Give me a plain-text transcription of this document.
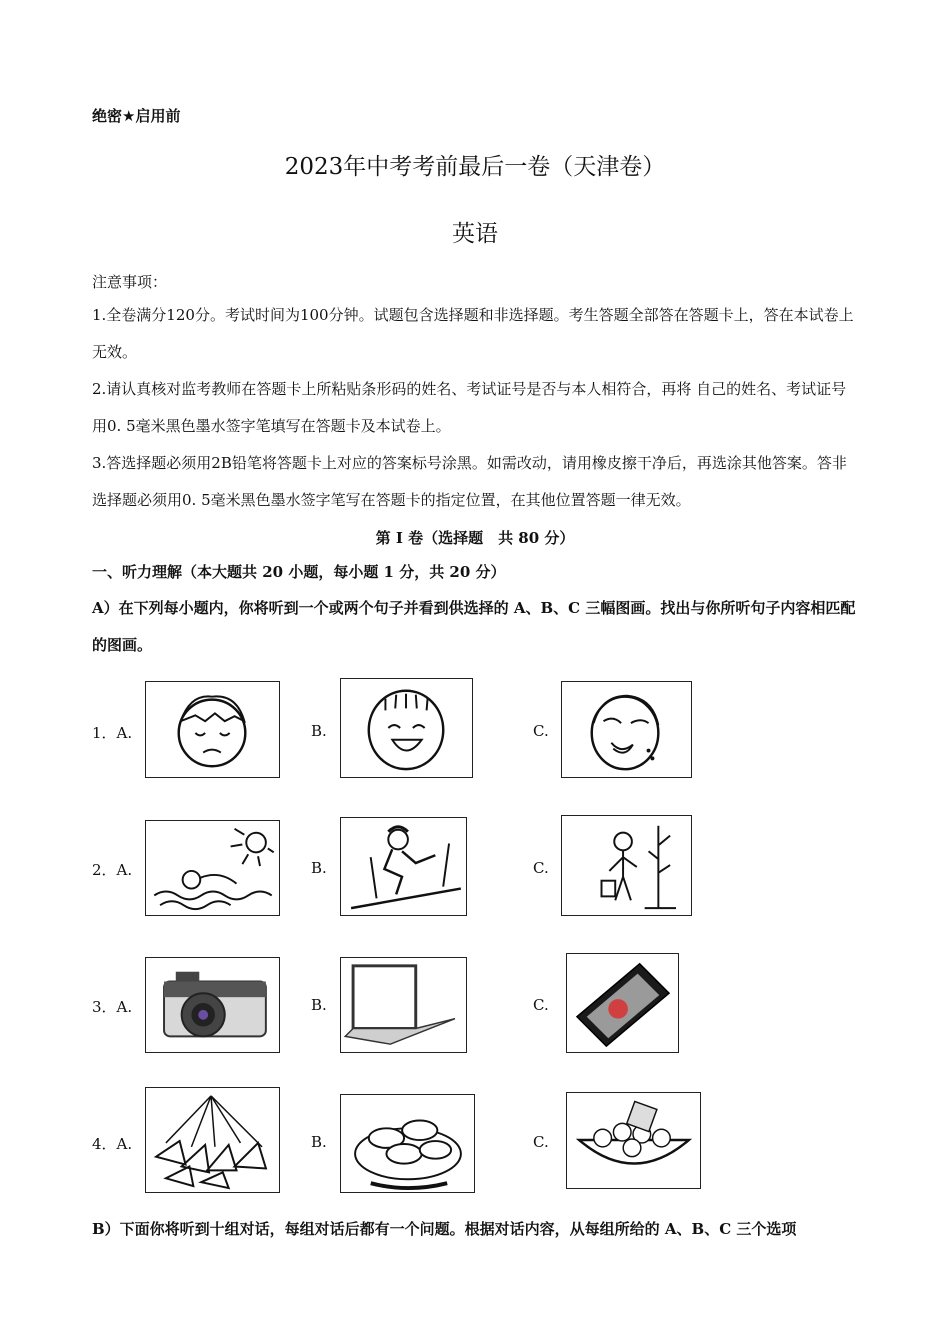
绝密★启用前
2023年中考考前最后一卷（天津卷）
英语
注意事项：
1.全卷满分120分。考试时间为100分钟。试题包含选择题和非选择题。考生答题全部答在答题卡上，答在本试卷上无效。
2.请认真核对监考教师在答题卡上所粘贴条形码的姓名、考试证号是否与本人相符合，再将 自己的姓名、考试证号用0. 5毫米黑色墨水签字笔填写在答题卡及本试卷上。
3.答选择题必须用2B铅笔将答题卡上对应的答案标号涂黑。如需改动，请用橡皮擦干净后，再选涂其他答案。答非选择题必须用0. 5毫米黑色墨水签字笔写在答题卡的指定位置，在其他位置答题一律无效。
第 I 卷（选择题　共 80 分）
一、听力理解（本大题共 20 小题，每小题 1 分，共 20 分）
A）在下列每小题内，你将听到一个或两个句子并看到供选择的 A、B、C 三幅图画。找出与你所听句子内容相匹配的图画。
1．A.	B.	C.
2．A.	B.	C.
3．A.	B.	C.
4．A.	B.	C.
B）下面你将听到十组对话，每组对话后都有一个问题。根据对话内容，从每组所给的 A、B、C 三个选项
